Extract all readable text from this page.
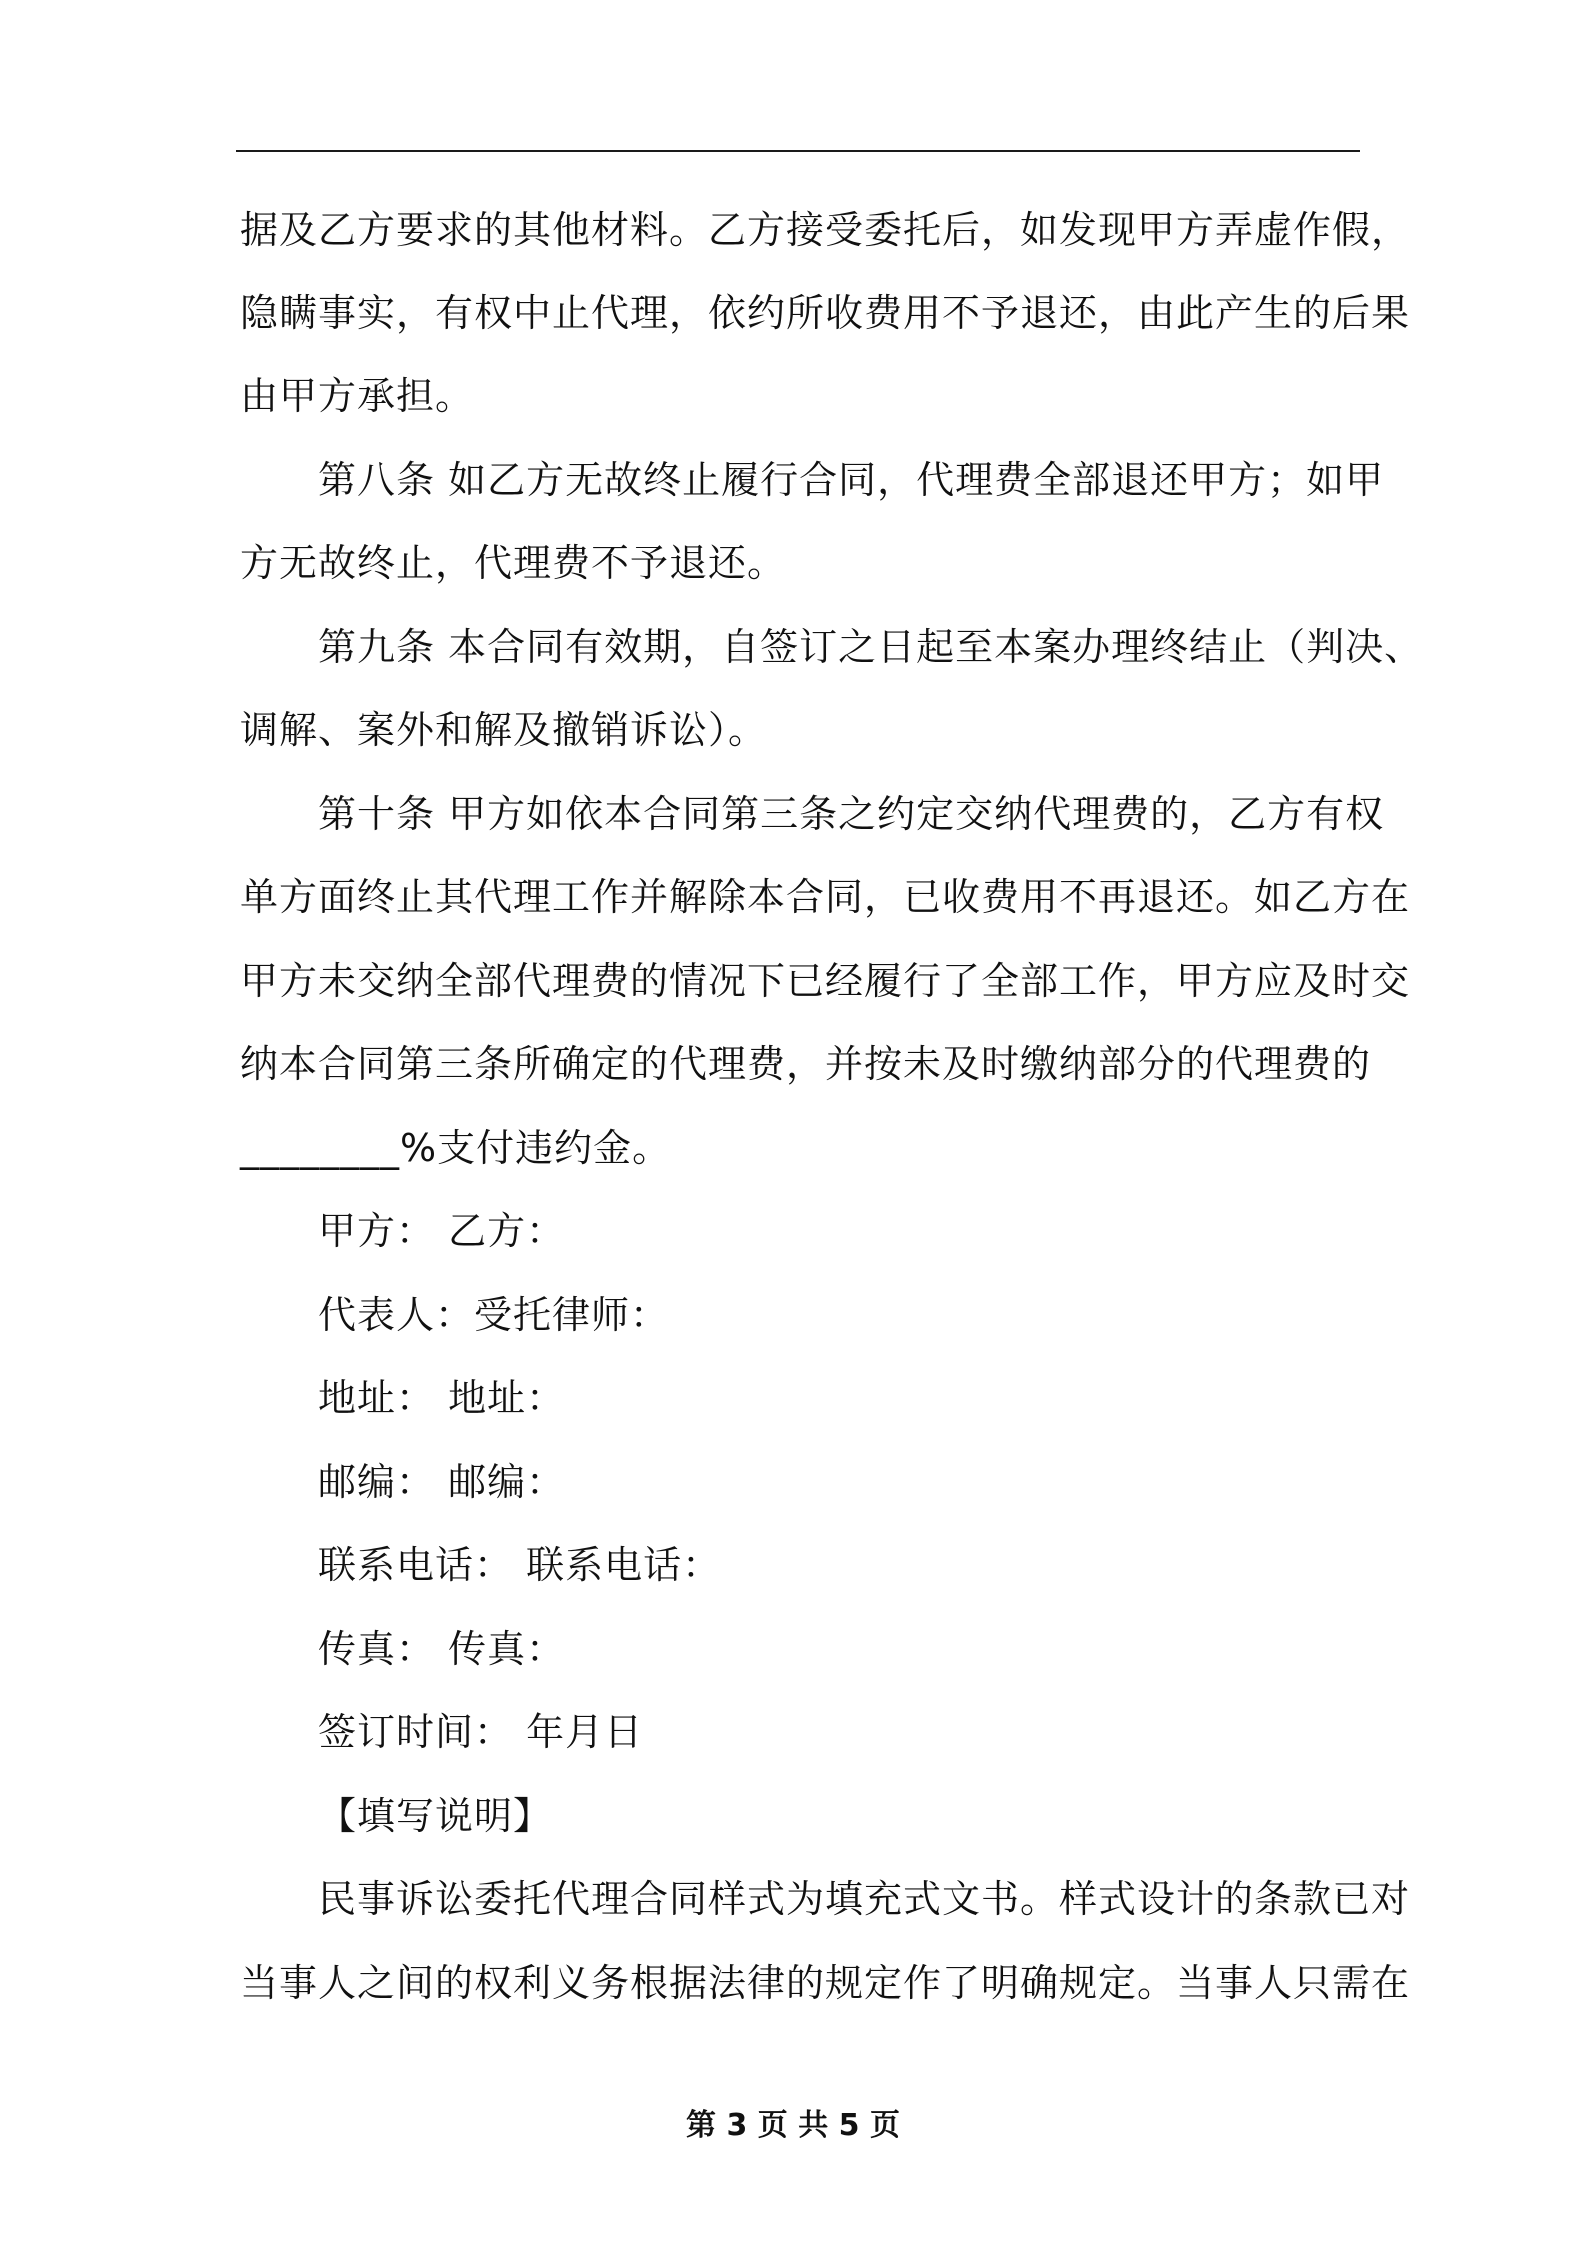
据及乙方要求的其他材料。乙方接受委托后，如发现甲方弄虚作假，
隐瞒事实，有权中止代理，依约所收费用不予退还，由此产生的后果
由甲方承担。
第八条 如乙方无故终止履行合同，代理费全部退还甲方；如甲
方无故终止，代理费不予退还。
第九条 本合同有效期，自签订之日起至本案办理终结止（判决、
调解、案外和解及撤销诉讼）。
第十条 甲方如依本合同第三条之约定交纳代理费的，乙方有权
单方面终止其代理工作并解除本合同，已收费用不再退还。如乙方在
甲方未交纳全部代理费的情况下已经履行了全部工作，甲方应及时交
纳本合同第三条所确定的代理费，并按未及时缴纳部分的代理费的
________%支付违约金。
甲方： 乙方：
代表人：受托律师：
地址： 地址：
邮编： 邮编：
联系电话： 联系电话：
传真： 传真：
签订时间： 年月日
【填写说明】
民事诉讼委托代理合同样式为填充式文书。样式设计的条款已对
当事人之间的权利义务根据法律的规定作了明确规定。当事人只需在
第 3 页 共 5 页
